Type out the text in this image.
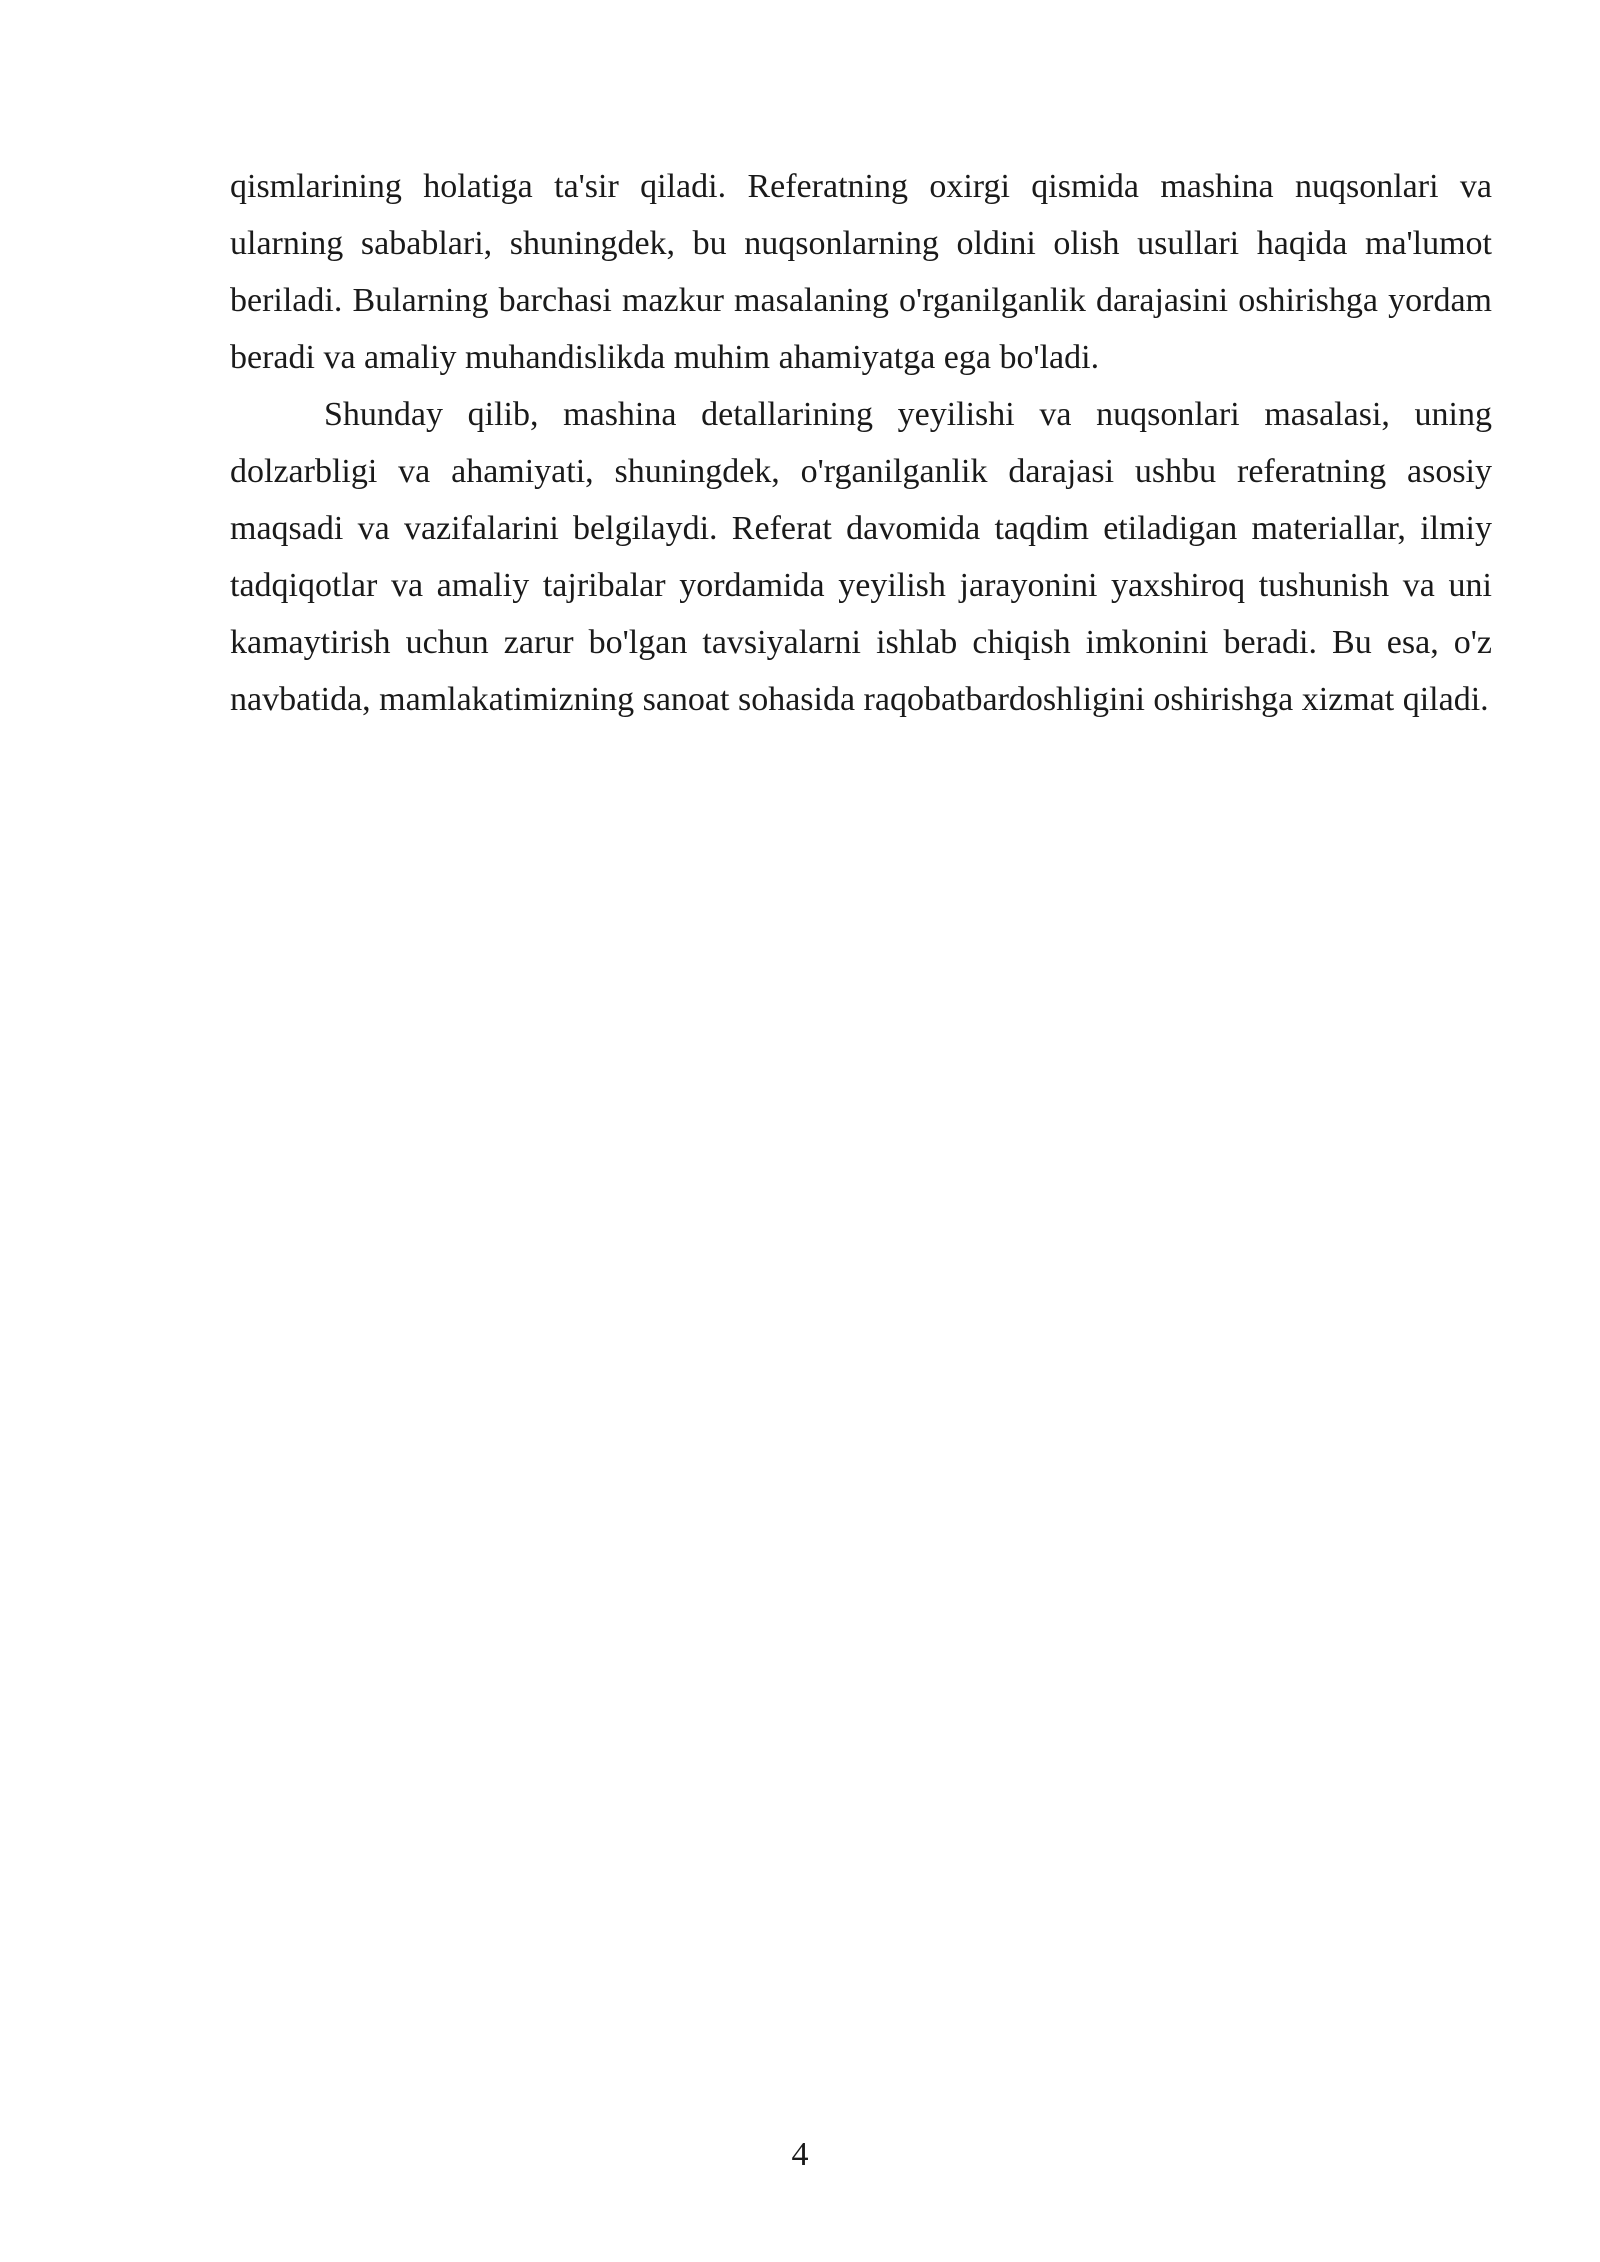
qismlarining holatiga ta'sir qiladi. Referatning oxirgi qismida mashina nuqsonlari va ularning sabablari, shuningdek, bu nuqsonlarning oldini olish usullari haqida ma'lumot beriladi. Bularning barchasi mazkur masalaning o'rganilganlik darajasini oshirishga yordam beradi va amaliy muhandislikda muhim ahamiyatga ega bo'ladi.

Shunday qilib, mashina detallarining yeyilishi va nuqsonlari masalasi, uning dolzarbligi va ahamiyati, shuningdek, o'rganilganlik darajasi ushbu referatning asosiy maqsadi va vazifalarini belgilaydi. Referat davomida taqdim etiladigan materiallar, ilmiy tadqiqotlar va amaliy tajribalar yordamida yeyilish jarayonini yaxshiroq tushunish va uni kamaytirish uchun zarur bo'lgan tavsiyalarni ishlab chiqish imkonini beradi. Bu esa, o'z navbatida, mamlakatimizning sanoat sohasida raqobatbardoshligini oshirishga xizmat qiladi.

4
